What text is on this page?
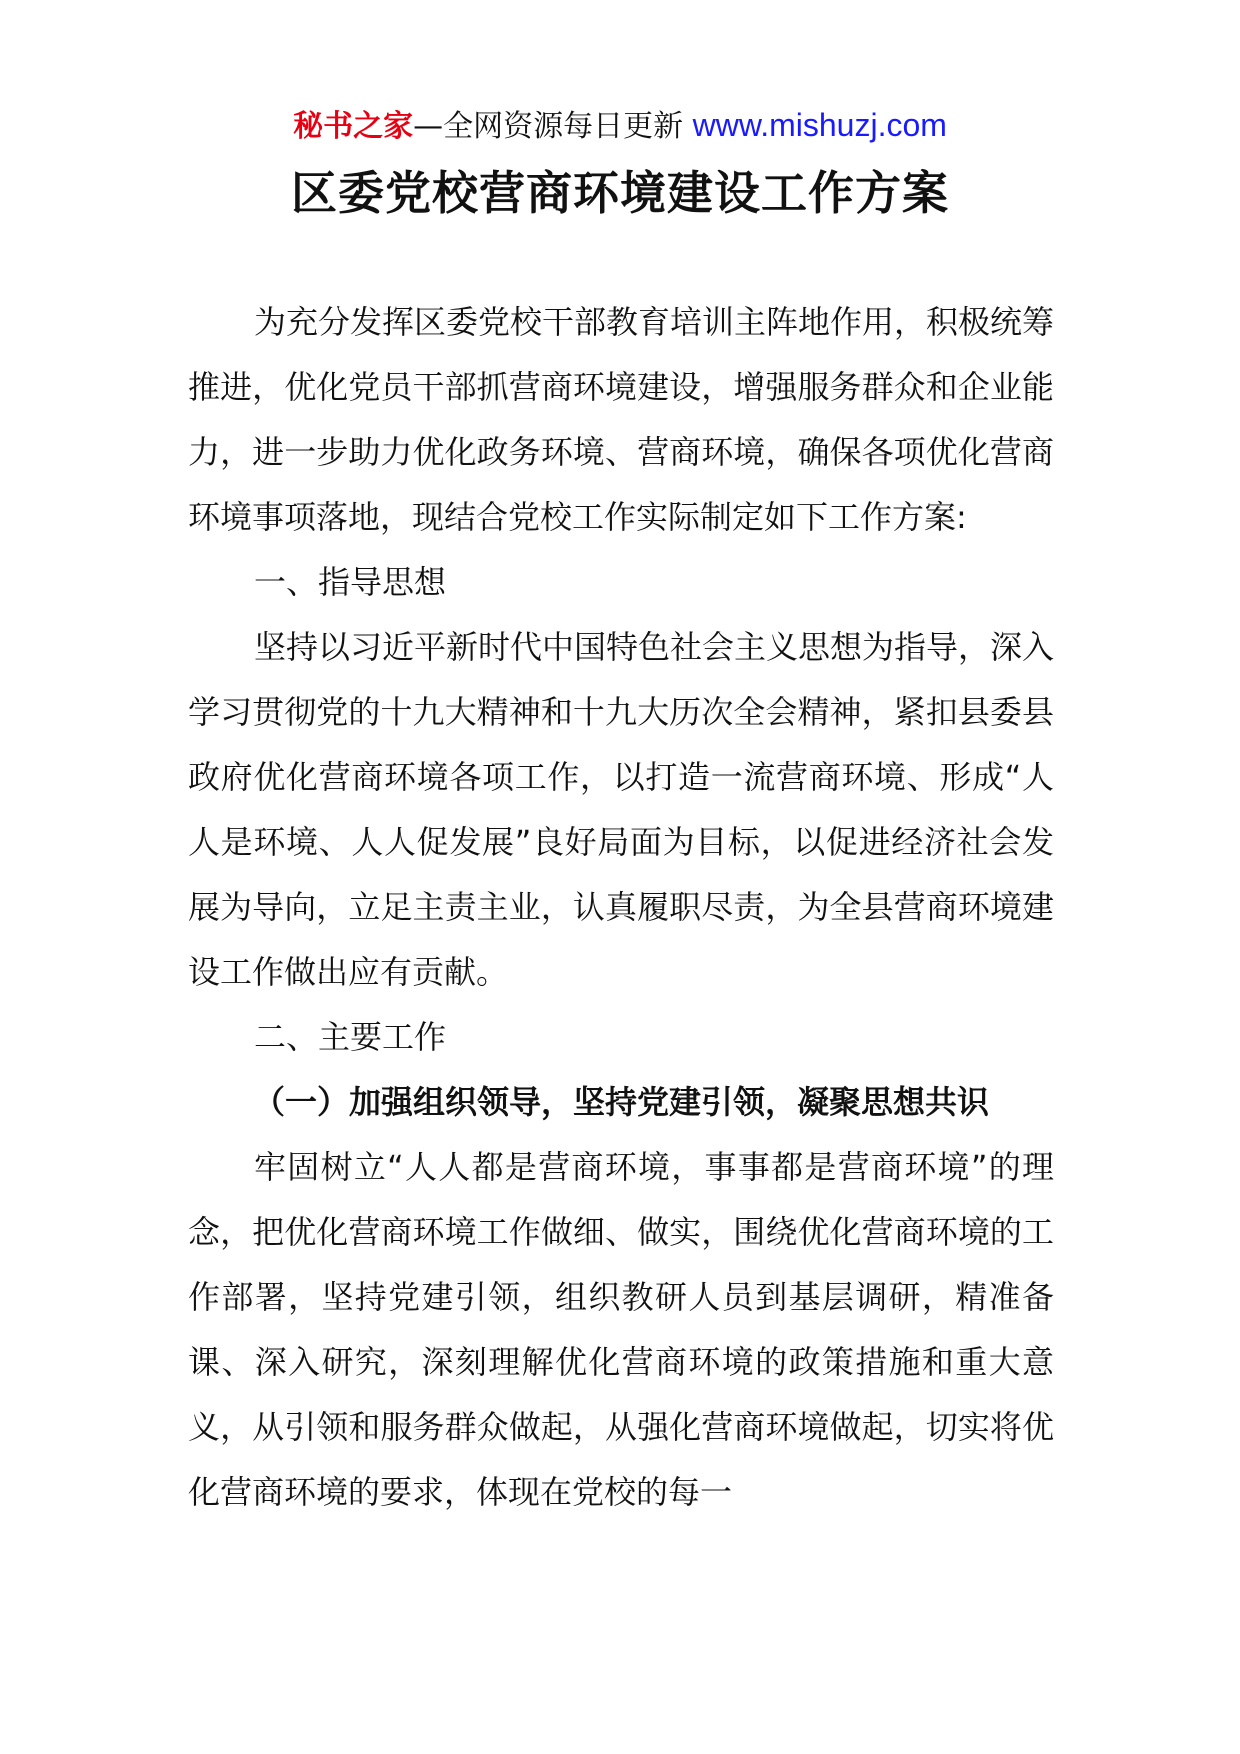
秘书之家—全网资源每日更新 www.mishuzj.com
区委党校营商环境建设工作方案

为充分发挥区委党校干部教育培训主阵地作用，积极统筹推进，优化党员干部抓营商环境建设，增强服务群众和企业能力，进一步助力优化政务环境、营商环境，确保各项优化营商环境事项落地，现结合党校工作实际制定如下工作方案:

一、指导思想

坚持以习近平新时代中国特色社会主义思想为指导，深入学习贯彻党的十九大精神和十九大历次全会精神，紧扣县委县政府优化营商环境各项工作，以打造一流营商环境、形成“人人是环境、人人促发展”良好局面为目标，以促进经济社会发展为导向，立足主责主业，认真履职尽责，为全县营商环境建设工作做出应有贡献。

二、主要工作

（一）加强组织领导，坚持党建引领，凝聚思想共识

牢固树立“人人都是营商环境，事事都是营商环境”的理念，把优化营商环境工作做细、做实，围绕优化营商环境的工作部署，坚持党建引领，组织教研人员到基层调研，精准备课、深入研究，深刻理解优化营商环境的政策措施和重大意义，从引领和服务群众做起，从强化营商环境做起，切实将优化营商环境的要求，体现在党校的每一
